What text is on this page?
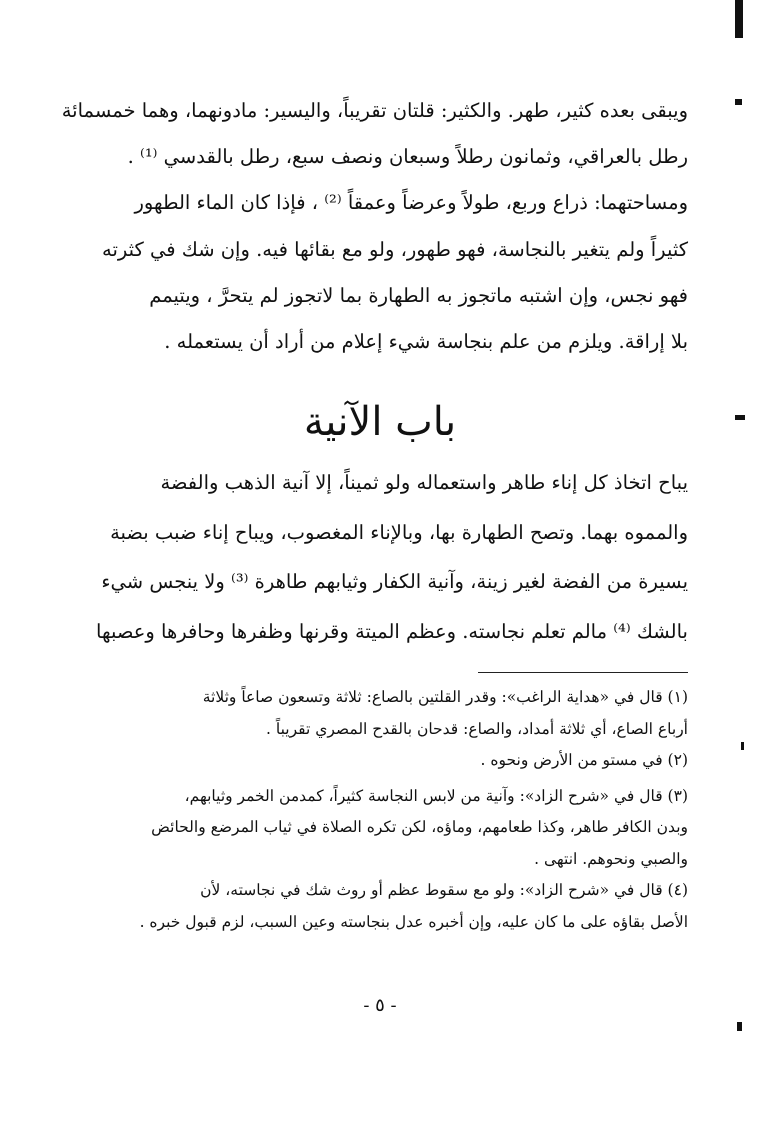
ويبقى بعده كثير، طهر. والكثير: قلتان تقريباً، واليسير: مادونهما، وهما خمسمائة

رطل بالعراقي، وثمانون رطلاً وسبعان ونصف سبع، رطل بالقدسي ⁽¹⁾ .

ومساحتهما: ذراع وربع، طولاً وعرضاً وعمقاً ⁽²⁾ ، فإذا كان الماء الطهور

كثيراً ولم يتغير بالنجاسة، فهو طهور، ولو مع بقائها فيه. وإن شك في كثرته

فهو نجس، وإن اشتبه ماتجوز به الطهارة بما لاتجوز لم يتحرَّ ، ويتيمم

بلا إراقة. ويلزم من علم بنجاسة شيء إعلام من أراد أن يستعمله .

باب الآنية

يباح اتخاذ كل إناء طاهر واستعماله ولو ثميناً، إلا آنية الذهب والفضة

والمموه بهما. وتصح الطهارة بها، وبالإناء المغصوب، ويباح إناء ضبب بضبة

يسيرة من الفضة لغير زينة، وآنية الكفار وثيابهم طاهرة ⁽³⁾ ولا ينجس شيء

بالشك ⁽⁴⁾ مالم تعلم نجاسته. وعظم الميتة وقرنها وظفرها وحافرها وعصبها

(١) قال في «هداية الراغب»: وقدر القلتين بالصاع: ثلاثة وتسعون صاعاً وثلاثة

أرباع الصاع، أي ثلاثة أمداد، والصاع: قدحان بالقدح المصري تقريباً .

(٢) في مستو من الأرض ونحوه .

(٣) قال في «شرح الزاد»: وآنية من لابس النجاسة كثيراً، كمدمن الخمر وثيابهم،

وبدن الكافر طاهر، وكذا طعامهم، وماؤه، لكن تكره الصلاة في ثياب المرضع والحائض

والصبي ونحوهم. انتهى .

(٤) قال في «شرح الزاد»: ولو مع سقوط عظم أو روث شك في نجاسته، لأن

الأصل بقاؤه على ما كان عليه، وإن أخبره عدل بنجاسته وعين السبب، لزم قبول خبره .

- ٥ -
